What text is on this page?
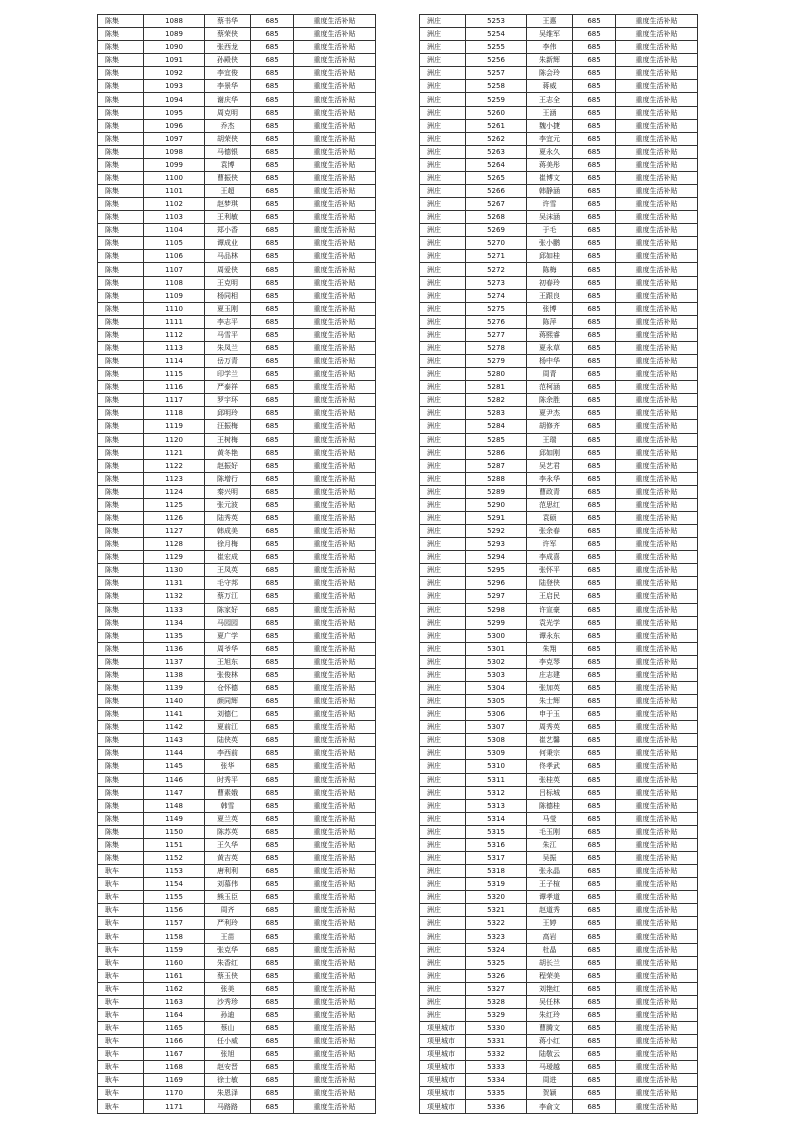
陈集	1088	蔡书华	685	重度生活补贴
陈集	1089	蔡荣侠	685	重度生活补贴
陈集	1090	张西龙	685	重度生活补贴
陈集	1091	孙殿侠	685	重度生活补贴
陈集	1092	李宜俊	685	重度生活补贴
陈集	1093	李景华	685	重度生活补贴
陈集	1094	谢庆华	685	重度生活补贴
陈集	1095	周克明	685	重度生活补贴
陈集	1096	乔杰	685	重度生活补贴
陈集	1097	胡荣侠	685	重度生活补贴
陈集	1098	马德银	685	重度生活补贴
陈集	1099	袁博	685	重度生活补贴
陈集	1100	曹振侠	685	重度生活补贴
陈集	1101	王超	685	重度生活补贴
陈集	1102	赵梦琪	685	重度生活补贴
陈集	1103	王利敏	685	重度生活补贴
陈集	1104	郑小香	685	重度生活补贴
陈集	1105	谭成业	685	重度生活补贴
陈集	1106	马品林	685	重度生活补贴
陈集	1107	周爱侠	685	重度生活补贴
陈集	1108	王克明	685	重度生活补贴
陈集	1109	杨同相	685	重度生活补贴
陈集	1110	夏玉刚	685	重度生活补贴
陈集	1111	李志平	685	重度生活补贴
陈集	1112	马雪平	685	重度生活补贴
陈集	1113	朱凤兰	685	重度生活补贴
陈集	1114	岳万青	685	重度生活补贴
陈集	1115	印学兰	685	重度生活补贴
陈集	1116	严泰祥	685	重度生活补贴
陈集	1117	罗宇环	685	重度生活补贴
陈集	1118	邱明玲	685	重度生活补贴
陈集	1119	汪振梅	685	重度生活补贴
陈集	1120	王树梅	685	重度生活补贴
陈集	1121	黄冬艳	685	重度生活补贴
陈集	1122	赵振好	685	重度生活补贴
陈集	1123	陈增行	685	重度生活补贴
陈集	1124	秦兴明	685	重度生活补贴
陈集	1125	张元波	685	重度生活补贴
陈集	1126	陆秀英	685	重度生活补贴
陈集	1127	韩成美	685	重度生活补贴
陈集	1128	徐月梅	685	重度生活补贴
陈集	1129	崔宏成	685	重度生活补贴
陈集	1130	王凤英	685	重度生活补贴
陈集	1131	毛守邦	685	重度生活补贴
陈集	1132	蔡万江	685	重度生活补贴
陈集	1133	陈家好	685	重度生活补贴
陈集	1134	马园园	685	重度生活补贴
陈集	1135	夏广学	685	重度生活补贴
陈集	1136	周爷华	685	重度生活补贴
陈集	1137	王旭东	685	重度生活补贴
陈集	1138	张俊林	685	重度生活补贴
陈集	1139	仓怀德	685	重度生活补贴
陈集	1140	颜同辉	685	重度生活补贴
陈集	1141	刘德仁	685	重度生活补贴
陈集	1142	夏前江	685	重度生活补贴
陈集	1143	陆侠英	685	重度生活补贴
陈集	1144	李西前	685	重度生活补贴
陈集	1145	张华	685	重度生活补贴
陈集	1146	时秀平	685	重度生活补贴
陈集	1147	曹素娥	685	重度生活补贴
陈集	1148	韩雪	685	重度生活补贴
陈集	1149	夏兰英	685	重度生活补贴
陈集	1150	陈苏英	685	重度生活补贴
陈集	1151	王久华	685	重度生活补贴
陈集	1152	黄吉英	685	重度生活补贴
耿车	1153	唐利利	685	重度生活补贴
耿车	1154	刘慕伟	685	重度生活补贴
耿车	1155	熊玉臣	685	重度生活补贴
耿车	1156	周齐	685	重度生活补贴
耿车	1157	严利玲	685	重度生活补贴
耿车	1158	王苗	685	重度生活补贴
耿车	1159	张克华	685	重度生活补贴
耿车	1160	朱香红	685	重度生活补贴
耿车	1161	蔡玉侠	685	重度生活补贴
耿车	1162	张美	685	重度生活补贴
耿车	1163	沙秀珍	685	重度生活补贴
耿车	1164	孙迪	685	重度生活补贴
耿车	1165	蔡山	685	重度生活补贴
耿车	1166	任小威	685	重度生活补贴
耿车	1167	张旭	685	重度生活补贴
耿车	1168	赵安晋	685	重度生活补贴
耿车	1169	徐士敏	685	重度生活补贴
耿车	1170	朱恩泽	685	重度生活补贴
耿车	1171	马路路	685	重度生活补贴
洲庄	5253	王惠	685	重度生活补贴
洲庄	5254	吴维军	685	重度生活补贴
洲庄	5255	李伟	685	重度生活补贴
洲庄	5256	朱新辉	685	重度生活补贴
洲庄	5257	陈会玲	685	重度生活补贴
洲庄	5258	蒋威	685	重度生活补贴
洲庄	5259	王志全	685	重度生活补贴
洲庄	5260	王涵	685	重度生活补贴
洲庄	5261	魏小捷	685	重度生活补贴
洲庄	5262	李宜元	685	重度生活补贴
洲庄	5263	夏永久	685	重度生活补贴
洲庄	5264	蒋美彤	685	重度生活补贴
洲庄	5265	崔博文	685	重度生活补贴
洲庄	5266	韩静涵	685	重度生活补贴
洲庄	5267	许雪	685	重度生活补贴
洲庄	5268	吴沫涵	685	重度生活补贴
洲庄	5269	于毛	685	重度生活补贴
洲庄	5270	张小鹏	685	重度生活补贴
洲庄	5271	邱如桂	685	重度生活补贴
洲庄	5272	陈梅	685	重度生活补贴
洲庄	5273	初春玲	685	重度生活补贴
洲庄	5274	王跟良	685	重度生活补贴
洲庄	5275	张博	685	重度生活补贴
洲庄	5276	陈萍	685	重度生活补贴
洲庄	5277	蒋熙睿	685	重度生活补贴
洲庄	5278	夏永草	685	重度生活补贴
洲庄	5279	杨中华	685	重度生活补贴
洲庄	5280	周青	685	重度生活补贴
洲庄	5281	范柯涵	685	重度生活补贴
洲庄	5282	陈余胜	685	重度生活补贴
洲庄	5283	夏尹杰	685	重度生活补贴
洲庄	5284	胡修齐	685	重度生活补贴
洲庄	5285	王瑞	685	重度生活补贴
洲庄	5286	邱如刚	685	重度生活补贴
洲庄	5287	吴艺君	685	重度生活补贴
洲庄	5288	李永华	685	重度生活补贴
洲庄	5289	曹政青	685	重度生活补贴
洲庄	5290	范思红	685	重度生活补贴
洲庄	5291	袁硕	685	重度生活补贴
洲庄	5292	张余春	685	重度生活补贴
洲庄	5293	许军	685	重度生活补贴
洲庄	5294	李成喜	685	重度生活补贴
洲庄	5295	张怀平	685	重度生活补贴
洲庄	5296	陆登侠	685	重度生活补贴
洲庄	5297	王启民	685	重度生活补贴
洲庄	5298	许宣豪	685	重度生活补贴
洲庄	5299	袁光学	685	重度生活补贴
洲庄	5300	谭永东	685	重度生活补贴
洲庄	5301	朱翔	685	重度生活补贴
洲庄	5302	李克琴	685	重度生活补贴
洲庄	5303	庄志建	685	重度生活补贴
洲庄	5304	张加英	685	重度生活补贴
洲庄	5305	朱士辉	685	重度生活补贴
洲庄	5306	申于玉	685	重度生活补贴
洲庄	5307	周秀英	685	重度生活补贴
洲庄	5308	崔艺馨	685	重度生活补贴
洲庄	5309	何秉宗	685	重度生活补贴
洲庄	5310	佟孝武	685	重度生活补贴
洲庄	5311	张桂英	685	重度生活补贴
洲庄	5312	吕标城	685	重度生活补贴
洲庄	5313	陈德桂	685	重度生活补贴
洲庄	5314	马莹	685	重度生活补贴
洲庄	5315	毛玉刚	685	重度生活补贴
洲庄	5316	朱江	685	重度生活补贴
洲庄	5317	吴振	685	重度生活补贴
洲庄	5318	张永晶	685	重度生活补贴
洲庄	5319	王子楦	685	重度生活补贴
洲庄	5320	谭孝道	685	重度生活补贴
洲庄	5321	赵道秀	685	重度生活补贴
洲庄	5322	王婷	685	重度生活补贴
洲庄	5323	高岩	685	重度生活补贴
洲庄	5324	杜晶	685	重度生活补贴
洲庄	5325	胡长兰	685	重度生活补贴
洲庄	5326	程荣美	685	重度生活补贴
洲庄	5327	刘艳红	685	重度生活补贴
洲庄	5328	吴任林	685	重度生活补贴
洲庄	5329	朱红玲	685	重度生活补贴
项里城市	5330	曹腾文	685	重度生活补贴
项里城市	5331	蒋小红	685	重度生活补贴
项里城市	5332	陆敬云	685	重度生活补贴
项里城市	5333	马瑷越	685	重度生活补贴
项里城市	5334	周进	685	重度生活补贴
项里城市	5335	贺颖	685	重度生活补贴
项里城市	5336	李俞文	685	重度生活补贴
